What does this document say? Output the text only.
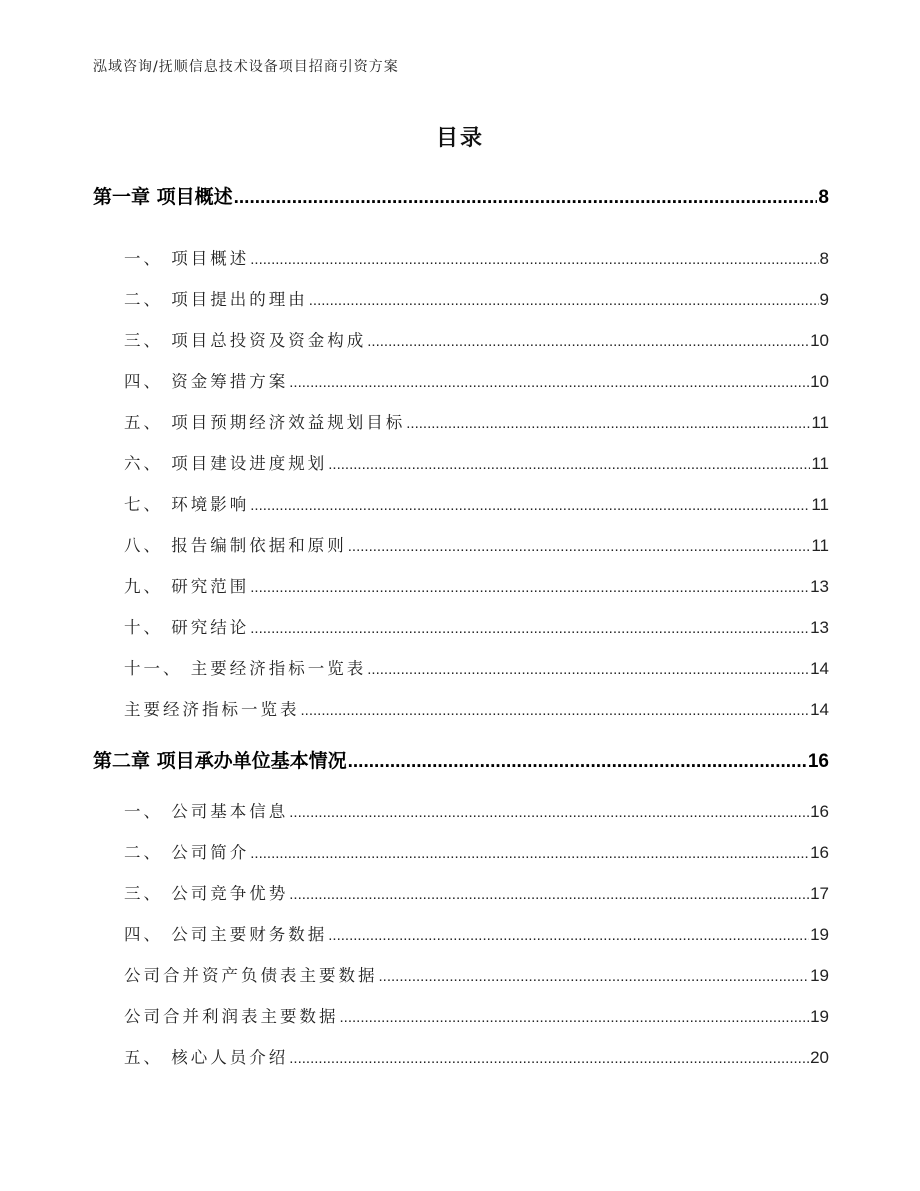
泓域咨询/抚顺信息技术设备项目招商引资方案
目录
第一章 项目概述 .....	8
一、 项目概述 .....	8
二、 项目提出的理由 .....	9
三、 项目总投资及资金构成 .....	10
四、 资金筹措方案 .....	10
五、 项目预期经济效益规划目标 .....	11
六、 项目建设进度规划 .....	11
七、 环境影响 .....	11
八、 报告编制依据和原则 .....	11
九、 研究范围 .....	13
十、 研究结论 .....	13
十一、 主要经济指标一览表 .....	14
主要经济指标一览表 .....	14
第二章 项目承办单位基本情况 .....	16
一、 公司基本信息 .....	16
二、 公司简介 .....	16
三、 公司竞争优势 .....	17
四、 公司主要财务数据 .....	19
公司合并资产负债表主要数据 .....	19
公司合并利润表主要数据 .....	19
五、 核心人员介绍 .....	20
